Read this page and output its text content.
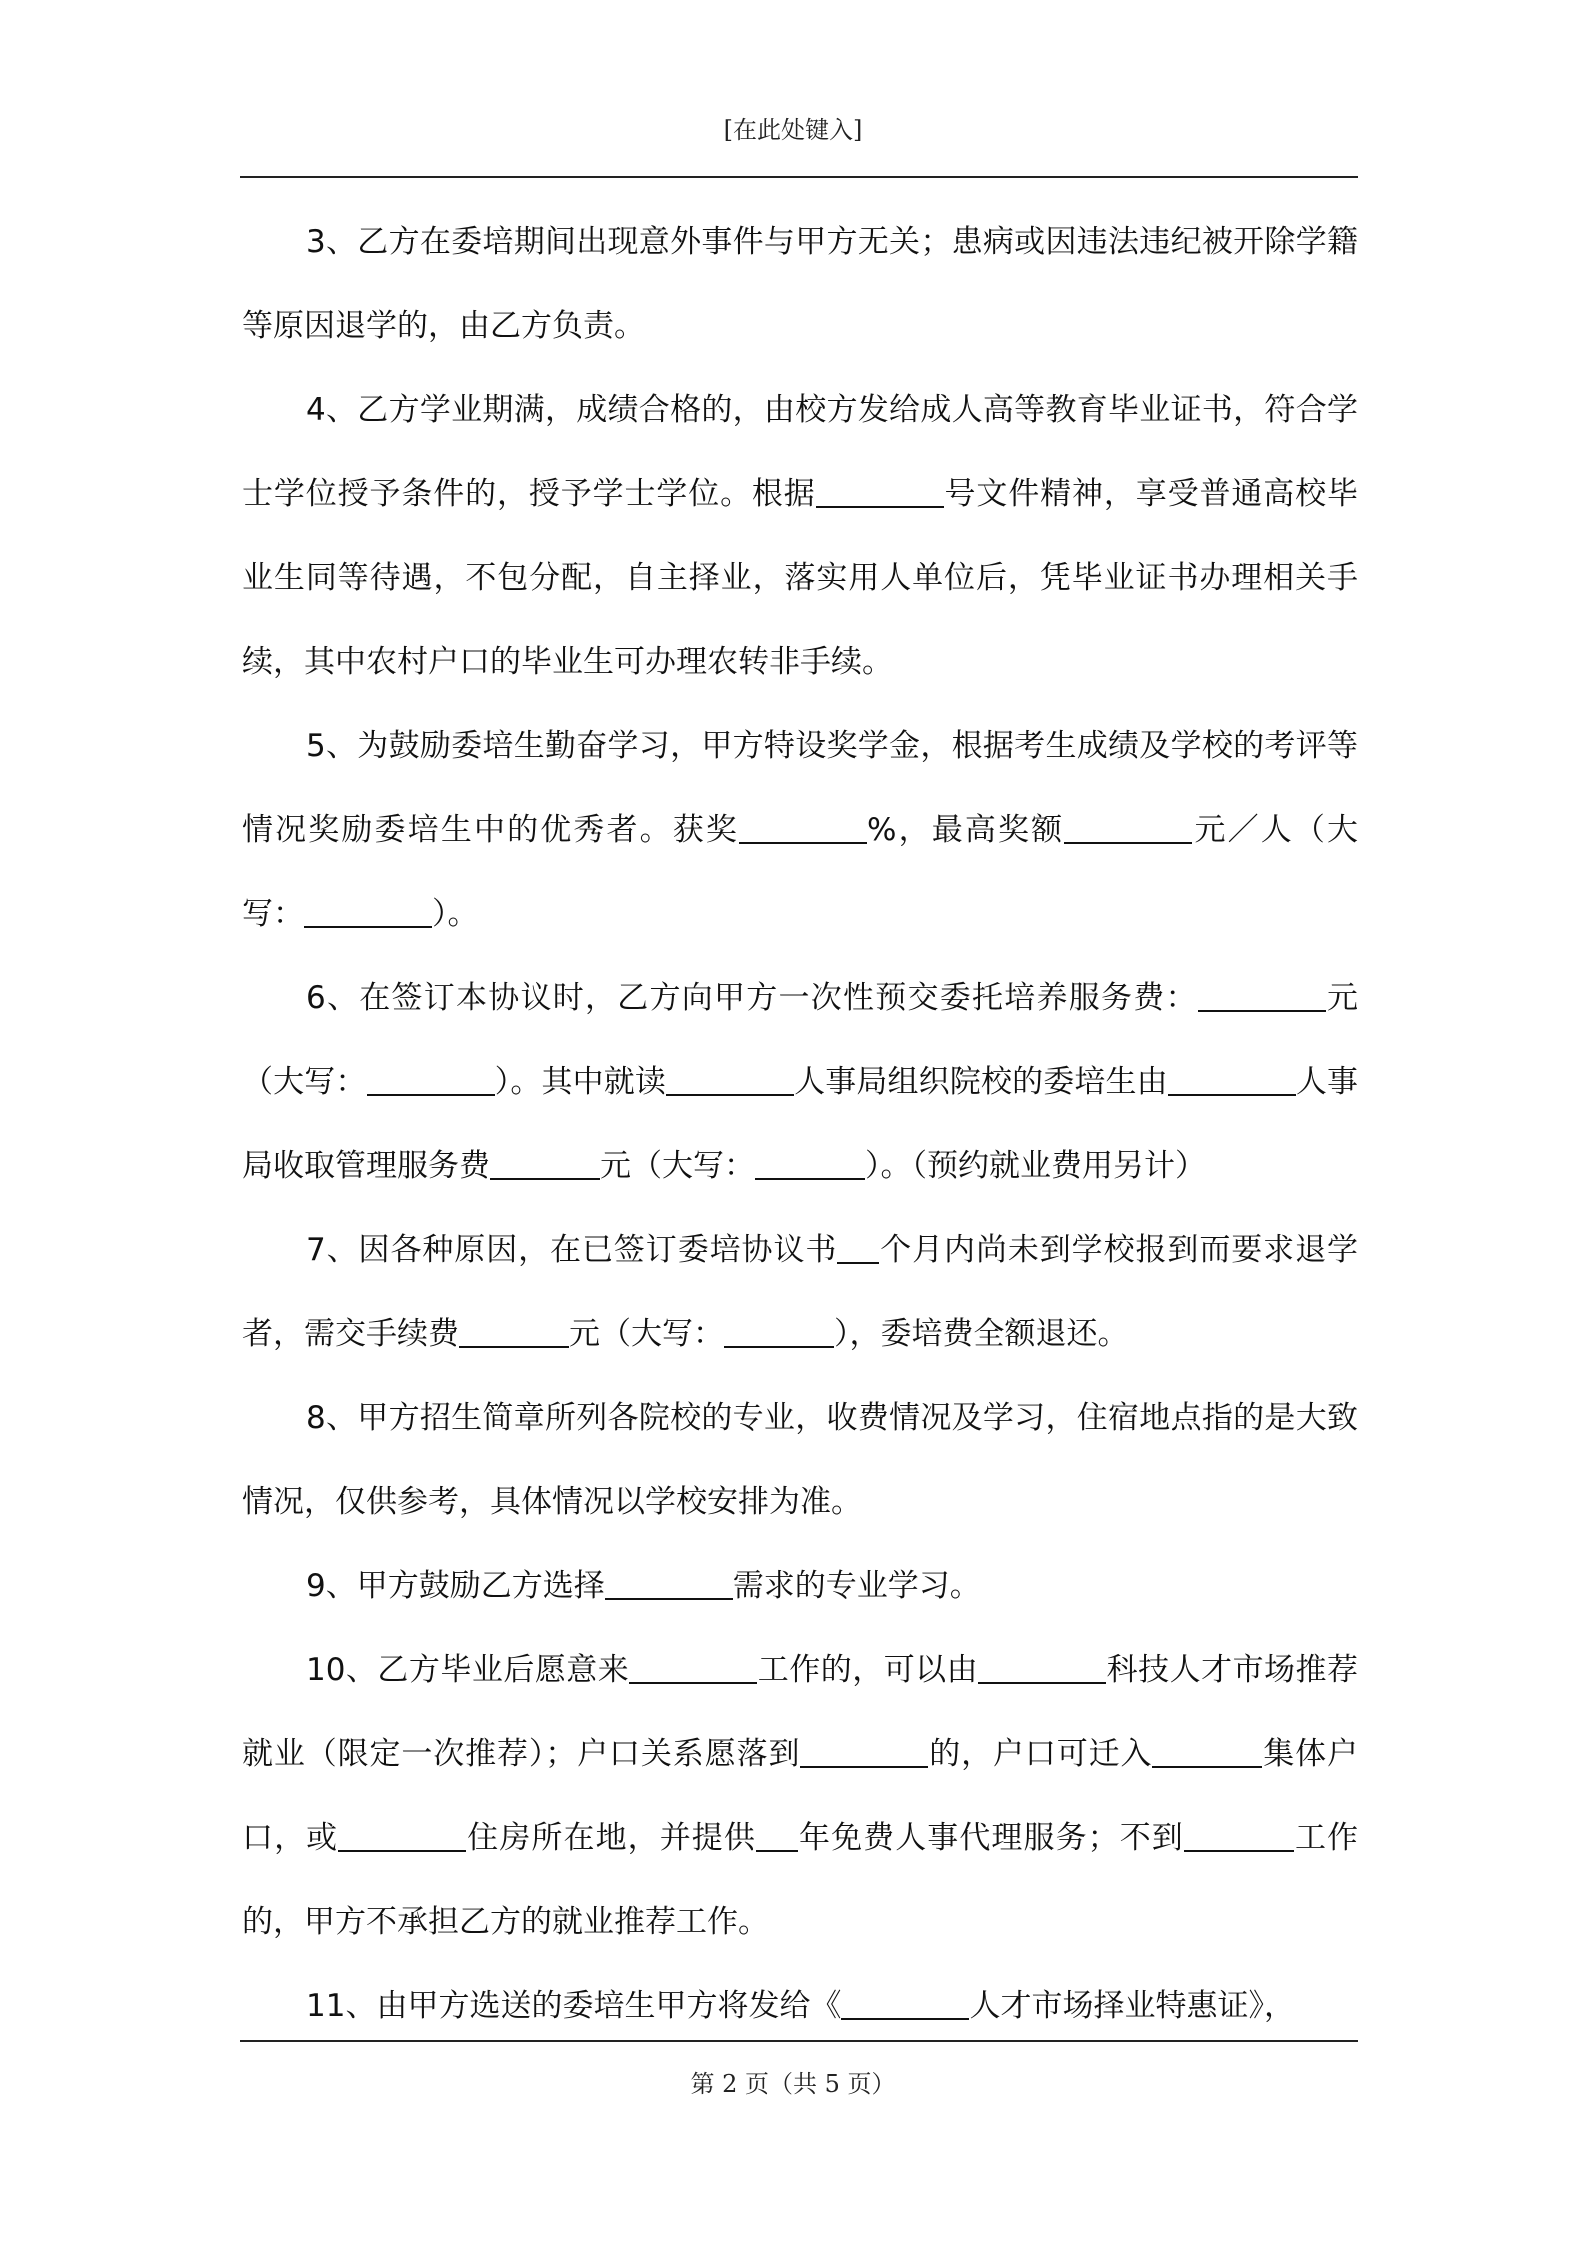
[在此处键入]

3、乙方在委培期间出现意外事件与甲方无关；患病或因违法违纪被开除学籍等原因退学的，由乙方负责。

4、乙方学业期满，成绩合格的，由校方发给成人高等教育毕业证书，符合学士学位授予条件的，授予学士学位。根据	号文件精神，享受普通高校毕业生同等待遇，不包分配，自主择业，落实用人单位后，凭毕业证书办理相关手续，其中农村户口的毕业生可办理农转非手续。

5、为鼓励委培生勤奋学习，甲方特设奖学金，根据考生成绩及学校的考评等情况奖励委培生中的优秀者。获奖	%，最高奖额	元／人（大写：	）。

6、在签订本协议时，乙方向甲方一次性预交委托培养服务费：	元（大写：	）。其中就读	人事局组织院校的委培生由	人事局收取管理服务费	元（大写：	）。（预约就业费用另计）

7、因各种原因，在已签订委培协议书 个月内尚未到学校报到而要求退学者，需交手续费	元（大写：	），委培费全额退还。

8、甲方招生简章所列各院校的专业，收费情况及学习，住宿地点指的是大致情况，仅供参考，具体情况以学校安排为准。

9、甲方鼓励乙方选择	需求的专业学习。

10、乙方毕业后愿意来	工作的，可以由	科技人才市场推荐就业（限定一次推荐）；户口关系愿落到	的，户口可迁入	集体户口，或	住房所在地，并提供 年免费人事代理服务；不到	工作的，甲方不承担乙方的就业推荐工作。

11、由甲方选送的委培生甲方将发给《	人才市场择业特惠证》，

第 2 页（共 5 页）
